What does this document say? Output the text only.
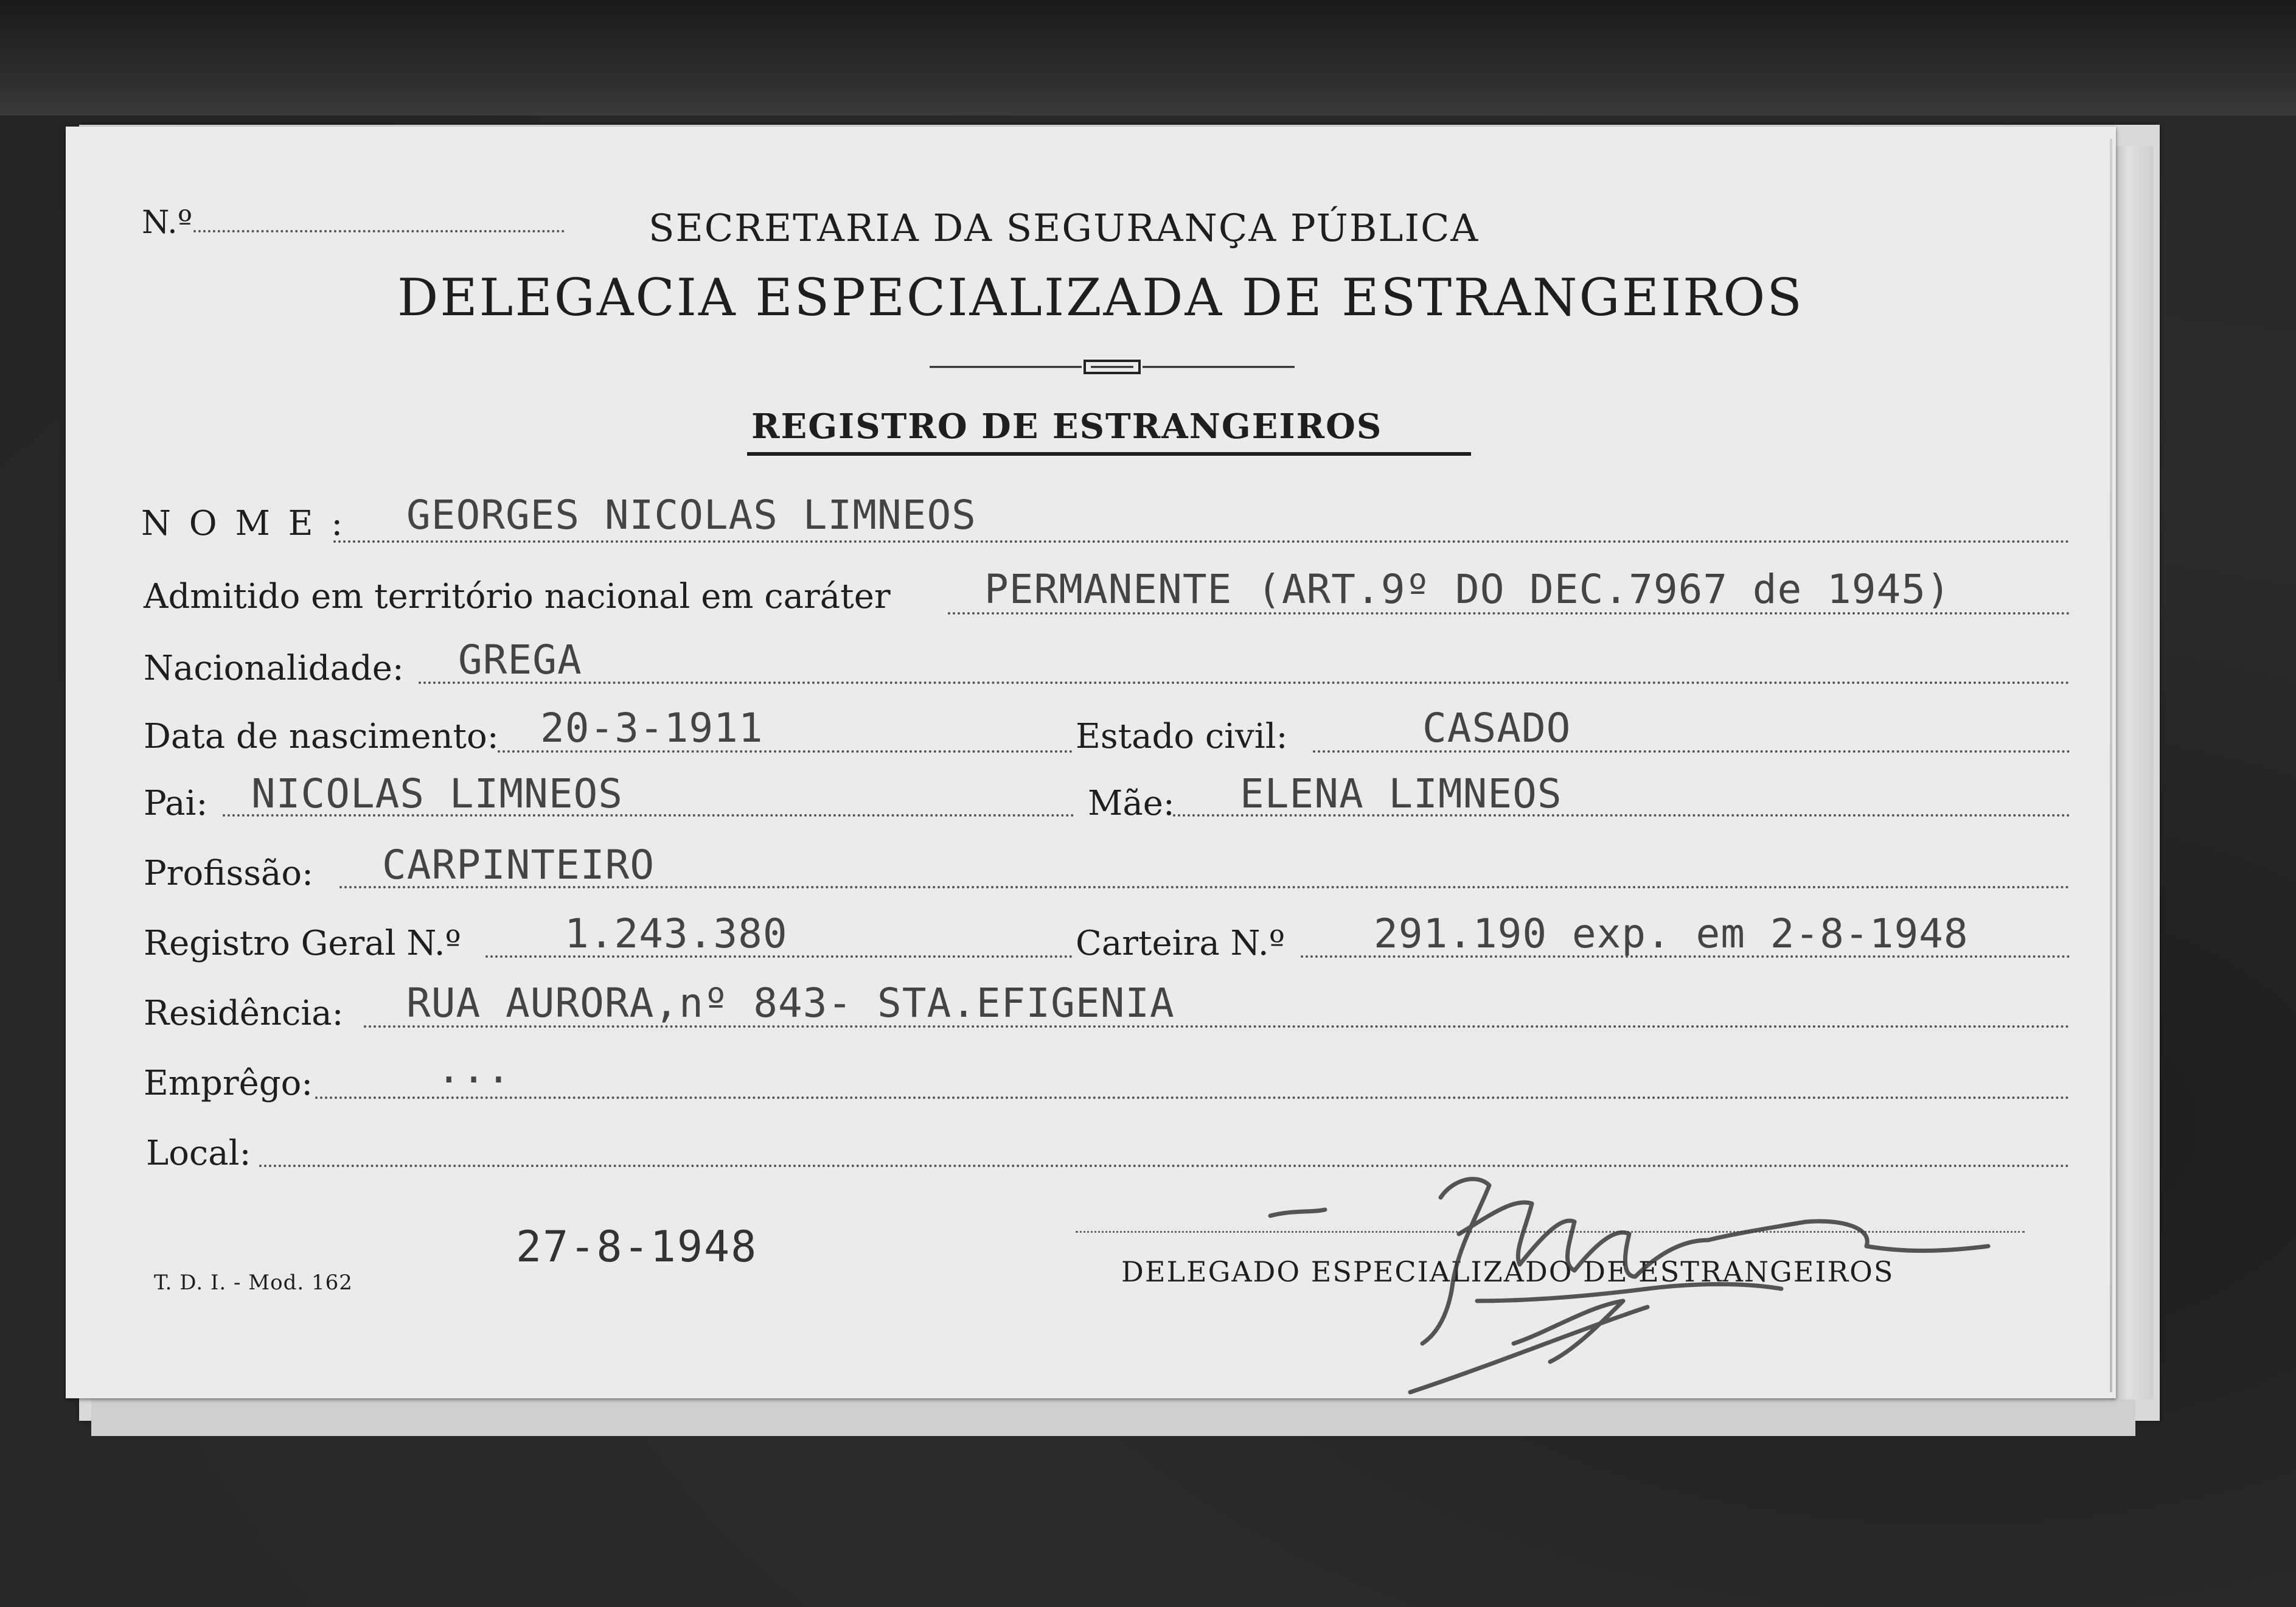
N.º	SECRETARIA DA SEGURANÇA PÚBLICA
DELEGACIA ESPECIALIZADA DE ESTRANGEIROS
REGISTRO DE ESTRANGEIROS
N O M E : GEORGES NICOLAS LIMNEOS
Admitido em território nacional em caráter PERMANENTE (ART.9º DO DEC.7967 de 1945)
Nacionalidade: GREGA
Data de nascimento: 20-3-1911	Estado civil:	CASADO
Pai: NICOLAS LIMNEOS	Mãe: ELENA LIMNEOS
Profissão: CARPINTEIRO
Registro Geral N.º	1.243.380	Carteira N.º 291.190 exp. em 2-8-1948
Residência: RUA AURORA,nº 843- STA.EFIGENIA
Emprêgo:	...
Local:
T. D. I. - Mod. 162
27-8-1948	DELEGADO ESPECIALIZADO DE ESTRANGEIROS
